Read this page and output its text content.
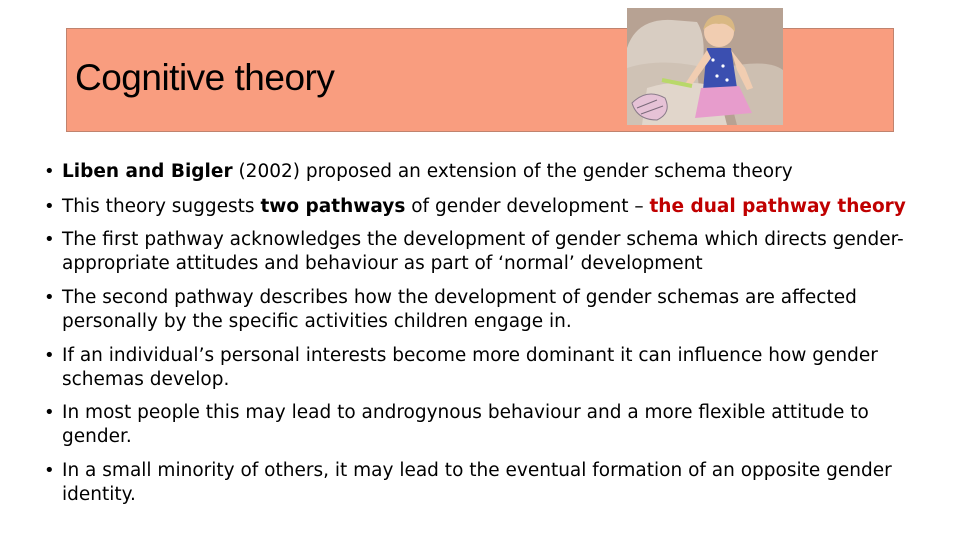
Cognitive theory
• Liben and Bigler (2002) proposed an extension of the gender schema theory
• This theory suggests two pathways of gender development – the dual pathway theory
• The first pathway acknowledges the development of gender schema which directs gender-appropriate attitudes and behaviour as part of ‘normal’ development
• The second pathway describes how the development of gender schemas are affected personally by the specific activities children engage in.
• If an individual’s personal interests become more dominant it can influence how gender schemas develop.
• In most people this may lead to androgynous behaviour and a more flexible attitude to gender.
• In a small minority of others, it may lead to the eventual formation of an opposite gender identity.
